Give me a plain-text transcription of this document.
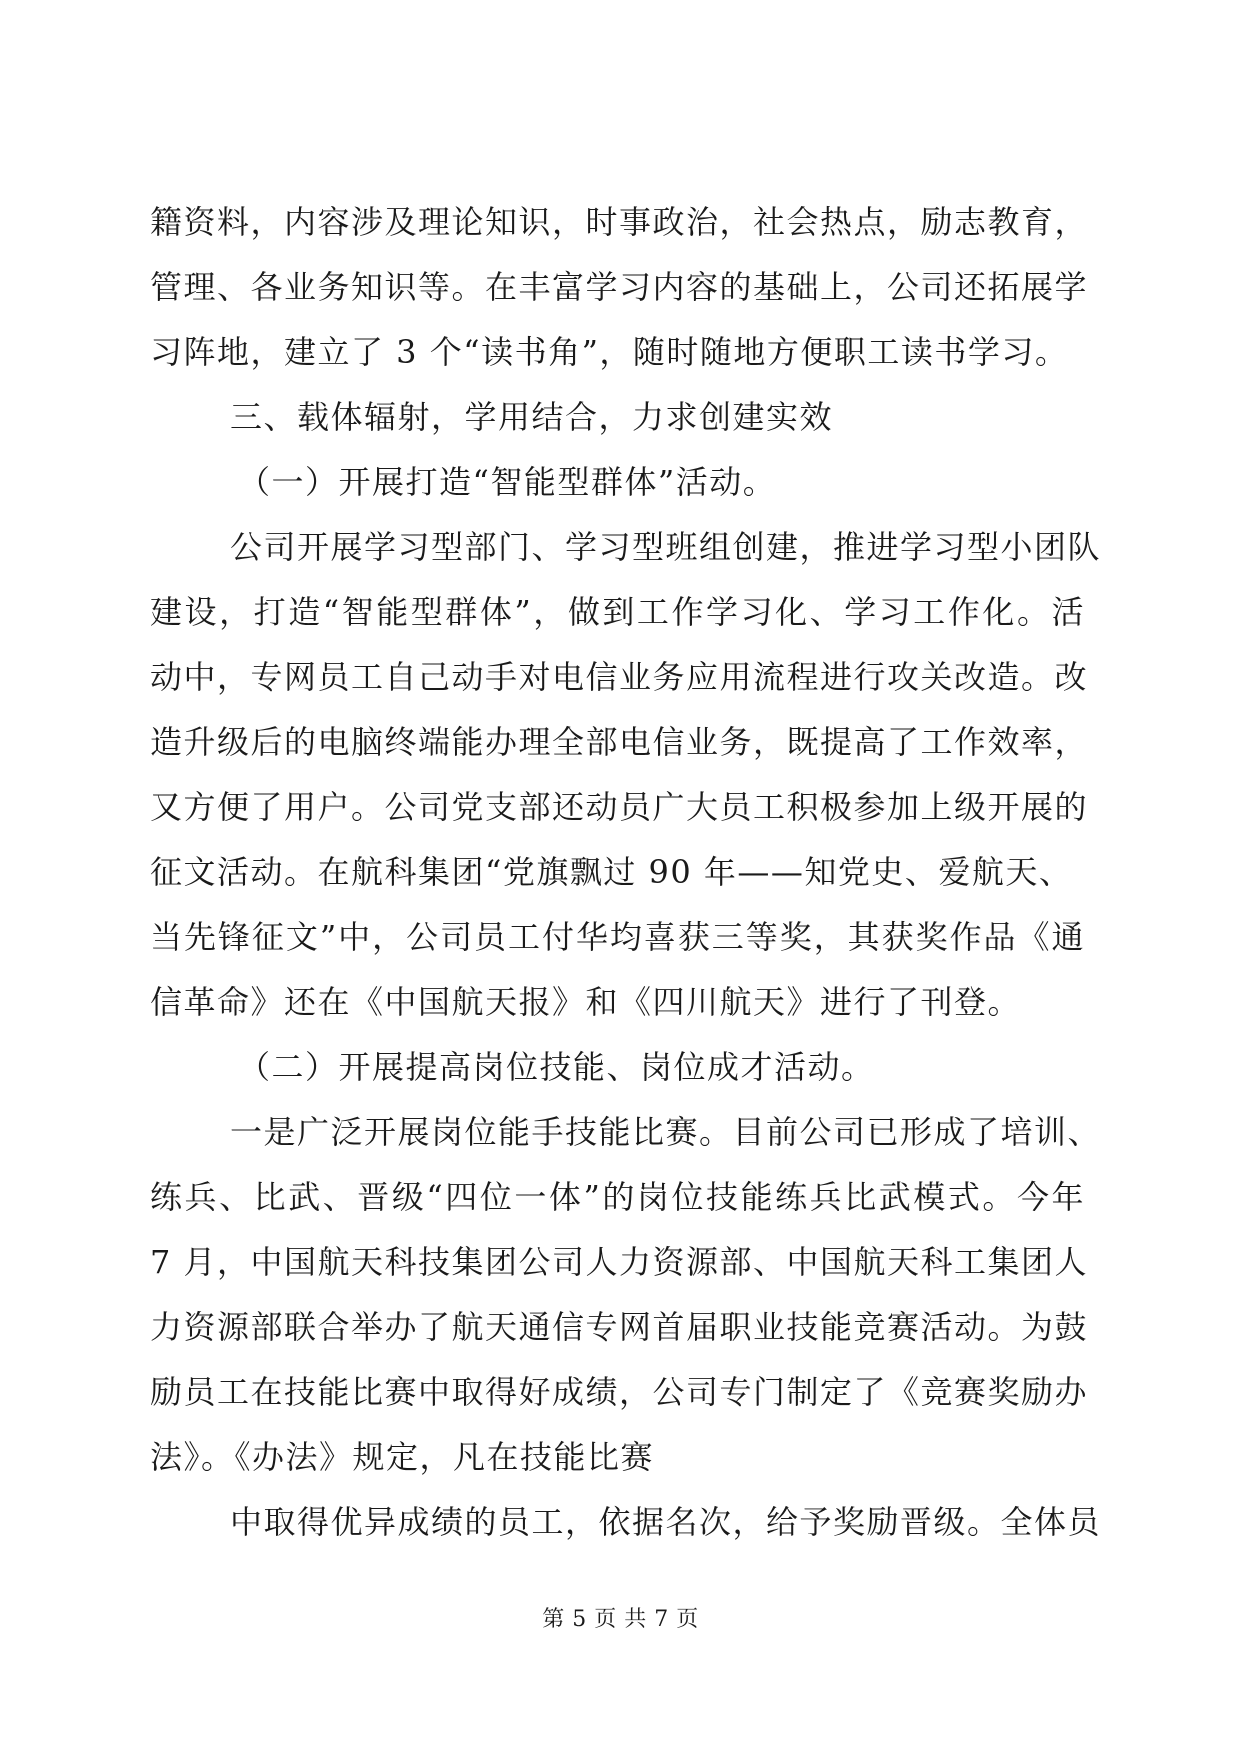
籍资料，内容涉及理论知识，时事政治，社会热点，励志教育，
管理、各业务知识等。在丰富学习内容的基础上，公司还拓展学
习阵地，建立了 3 个“读书角”，随时随地方便职工读书学习。
三、载体辐射，学用结合，力求创建实效
（一）开展打造“智能型群体”活动。
公司开展学习型部门、学习型班组创建，推进学习型小团队
建设，打造“智能型群体”，做到工作学习化、学习工作化。活
动中，专网员工自己动手对电信业务应用流程进行攻关改造。改
造升级后的电脑终端能办理全部电信业务，既提高了工作效率，
又方便了用户。公司党支部还动员广大员工积极参加上级开展的
征文活动。在航科集团“党旗飘过 90 年——知党史、爱航天、
当先锋征文”中，公司员工付华均喜获三等奖，其获奖作品《通
信革命》还在《中国航天报》和《四川航天》进行了刊登。
（二）开展提高岗位技能、岗位成才活动。
一是广泛开展岗位能手技能比赛。目前公司已形成了培训、
练兵、比武、晋级“四位一体”的岗位技能练兵比武模式。今年
7 月，中国航天科技集团公司人力资源部、中国航天科工集团人
力资源部联合举办了航天通信专网首届职业技能竞赛活动。为鼓
励员工在技能比赛中取得好成绩，公司专门制定了《竞赛奖励办
法》。《办法》规定，凡在技能比赛
中取得优异成绩的员工，依据名次，给予奖励晋级。全体员
第 5 页 共 7 页
